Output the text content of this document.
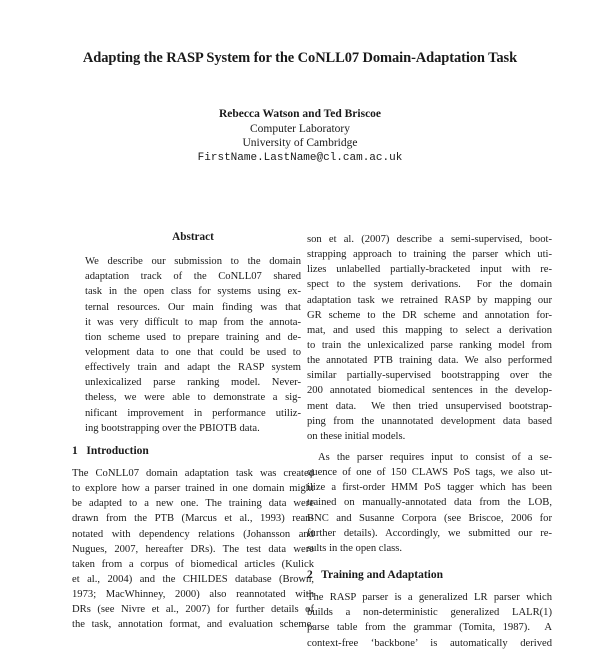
Adapting the RASP System for the CoNLL07 Domain-Adaptation Task
Rebecca Watson and Ted Briscoe
Computer Laboratory
University of Cambridge
FirstName.LastName@cl.cam.ac.uk
Abstract
We describe our submission to the domain
adaptation track of the CoNLL07 shared
task in the open class for systems using ex-
ternal resources. Our main finding was that
it was very difficult to map from the annota-
tion scheme used to prepare training and de-
velopment data to one that could be used to
effectively train and adapt the RASP system
unlexicalized parse ranking model. Never-
theless, we were able to demonstrate a sig-
nificant improvement in performance utiliz-
ing bootstrapping over the PBIOTB data.
1   Introduction
The CoNLL07 domain adaptation task was created
to explore how a parser trained in one domain might
be adapted to a new one. The training data were
drawn from the PTB (Marcus et al., 1993) rean-
notated with dependency relations (Johansson and
Nugues, 2007, hereafter DRs). The test data were
taken from a corpus of biomedical articles (Kulick
et al., 2004) and the CHILDES database (Brown,
1973; MacWhinney, 2000) also reannotated with
DRs (see Nivre et al., 2007) for further details of
the task, annotation format, and evaluation scheme.
son et al. (2007) describe a semi-supervised, boot-
strapping approach to training the parser which uti-
lizes unlabelled partially-bracketed input with re-
spect to the system derivations.  For the domain
adaptation task we retrained RASP by mapping our
GR scheme to the DR scheme and annotation for-
mat, and used this mapping to select a derivation
to train the unlexicalized parse ranking model from
the annotated PTB training data. We also performed
similar partially-supervised bootstrapping over the
200 annotated biomedical sentences in the develop-
ment data.  We then tried unsupervised bootstrap-
ping from the unannotated development data based
on these initial models.
As the parser requires input to consist of a se-
quence of one of 150 CLAWS PoS tags, we also ut-
ilize a first-order HMM PoS tagger which has been
trained on manually-annotated data from the LOB,
BNC and Susanne Corpora (see Briscoe, 2006 for
further details). Accordingly, we submitted our re-
sults in the open class.
2   Training and Adaptation
The RASP parser is a generalized LR parser which
builds a non-deterministic generalized LALR(1)
parse table from the grammar (Tomita, 1987).  A
context-free ‘backbone’ is automatically derived
